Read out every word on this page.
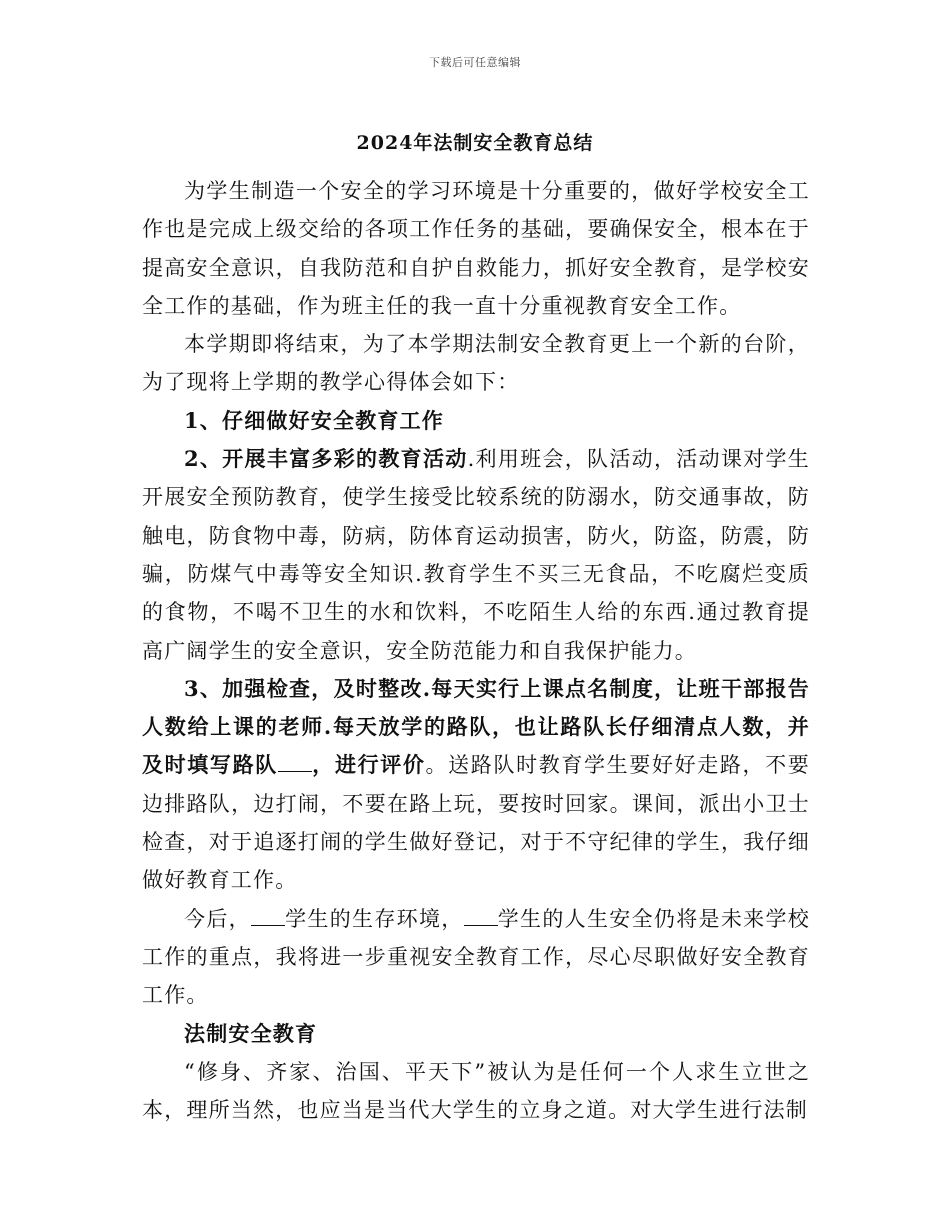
下载后可任意编辑
2024年法制安全教育总结

为学生制造一个安全的学习环境是十分重要的，做好学校安全工作也是完成上级交给的各项工作任务的基础，要确保安全，根本在于提高安全意识，自我防范和自护自救能力，抓好安全教育，是学校安全工作的基础，作为班主任的我一直十分重视教育安全工作。

本学期即将结束，为了本学期法制安全教育更上一个新的台阶，为了现将上学期的教学心得体会如下：

1、仔细做好安全教育工作

2、开展丰富多彩的教育活动.利用班会，队活动，活动课对学生开展安全预防教育，使学生接受比较系统的防溺水，防交通事故，防触电，防食物中毒，防病，防体育运动损害，防火，防盗，防震，防骗，防煤气中毒等安全知识.教育学生不买三无食品，不吃腐烂变质的食物，不喝不卫生的水和饮料，不吃陌生人给的东西.通过教育提高广阔学生的安全意识，安全防范能力和自我保护能力。

3、加强检查，及时整改.每天实行上课点名制度，让班干部报告人数给上课的老师.每天放学的路队，也让路队长仔细清点人数，并及时填写路队 ，进行评价。送路队时教育学生要好好走路，不要边排路队，边打闹，不要在路上玩，要按时回家。课间，派出小卫士检查，对于追逐打闹的学生做好登记，对于不守纪律的学生，我仔细做好教育工作。

今后， 学生的生存环境， 学生的人生安全仍将是未来学校工作的重点，我将进一步重视安全教育工作，尽心尽职做好安全教育工作。

法制安全教育

“修身、齐家、治国、平天下”被认为是任何一个人求生立世之本，理所当然，也应当是当代大学生的立身之道。对大学生进行法制
